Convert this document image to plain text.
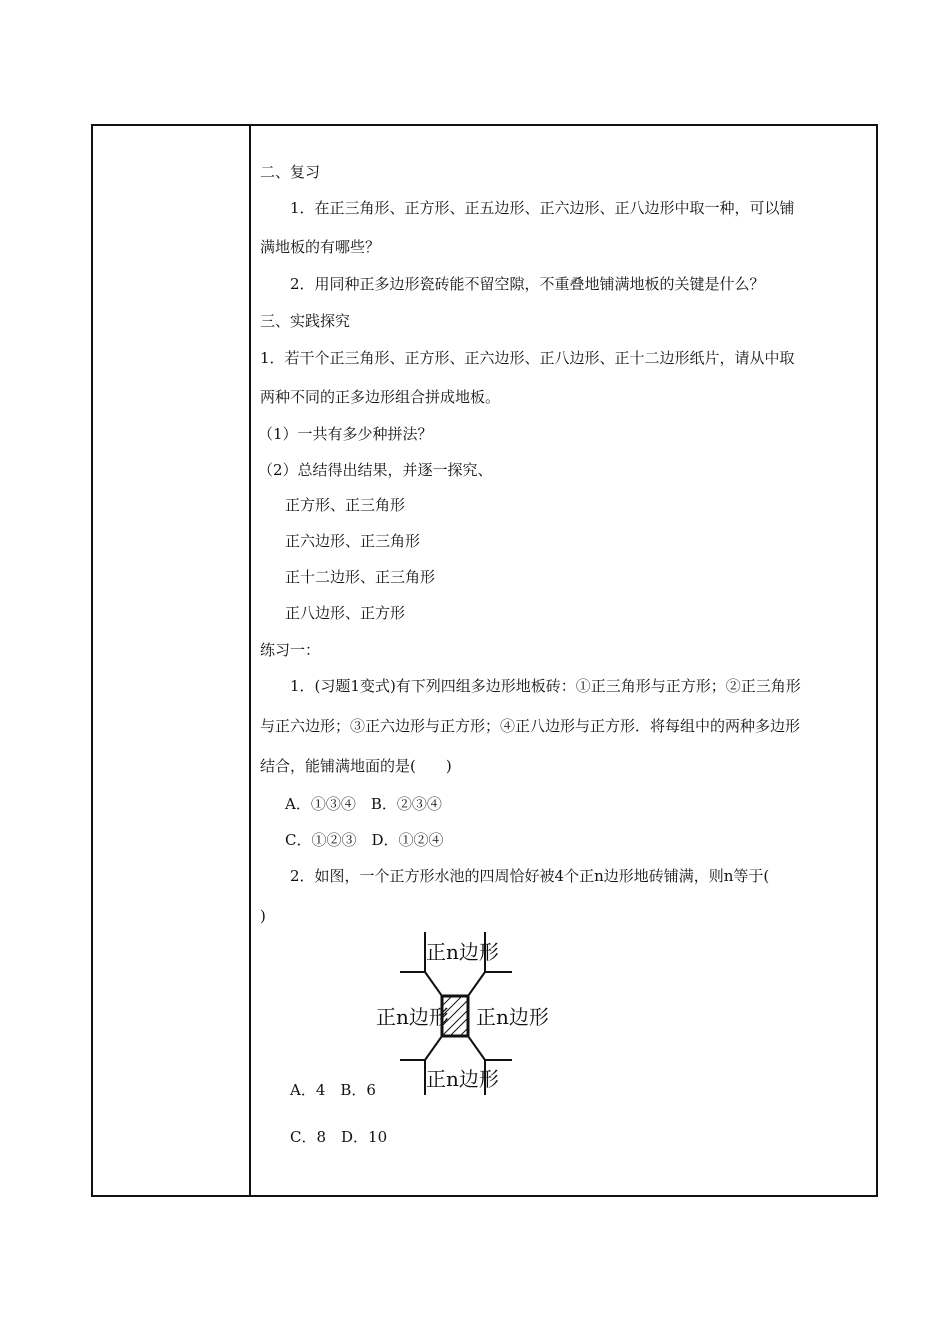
二、复习
1．在正三角形、正方形、正五边形、正六边形、正八边形中取一种，可以铺
满地板的有哪些？
2．用同种正多边形瓷砖能不留空隙，不重叠地铺满地板的关键是什么？
三、实践探究
1．若干个正三角形、正方形、正六边形、正八边形、正十二边形纸片，请从中取
两种不同的正多边形组合拼成地板。
（1）一共有多少种拼法？
（2）总结得出结果，并逐一探究、
正方形、正三角形
正六边形、正三角形
正十二边形、正三角形
正八边形、正方形
练习一：
1．(习题1变式)有下列四组多边形地板砖：①正三角形与正方形；②正三角形
与正六边形；③正六边形与正方形；④正八边形与正方形．将每组中的两种多边形
结合，能铺满地面的是(　　)
A．①③④　B．②③④
C．①②③　D．①②④
2．如图，一个正方形水池的四周恰好被4个正n边形地砖铺满，则n等于(
)
正n边形
正n边形 正n边形
正n边形
A．4　B．6
C．8　D．10
